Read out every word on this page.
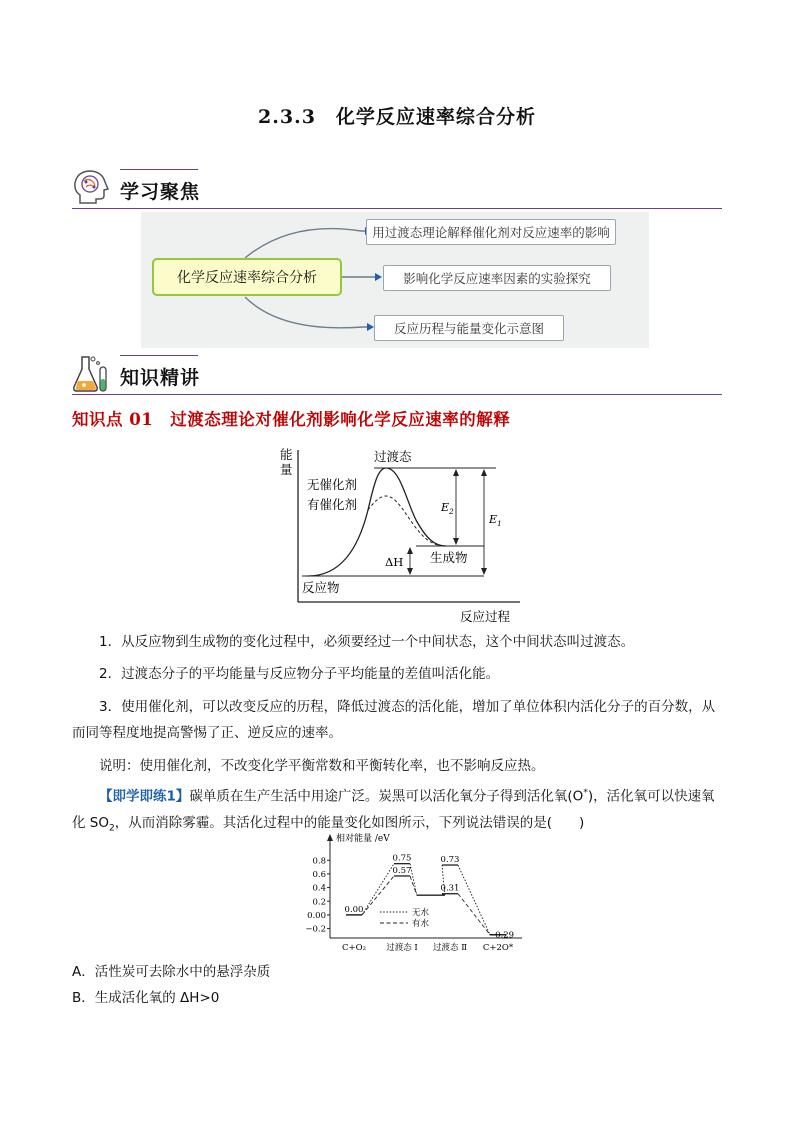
2.3.3　化学反应速率综合分析
学习聚焦
化学反应速率综合分析
用过渡态理论解释催化剂对反应速率的影响
影响化学反应速率因素的实验探究
反应历程与能量变化示意图
知识精讲
知识点 01　过渡态理论对催化剂影响化学反应速率的解释
能
量
反应过程
过渡态
无催化剂
有催化剂	$E_2$
$E_1$
ΔH 生成物
反应物
1．从反应物到生成物的变化过程中，必须要经过一个中间状态，这个中间状态叫过渡态。
2．过渡态分子的平均能量与反应物分子平均能量的差值叫活化能。
3．使用催化剂，可以改变反应的历程，降低过渡态的活化能，增加了单位体积内活化分子的百分数，从而同等程度地提高警惕了正、逆反应的速率。
说明：使用催化剂，不改变化学平衡常数和平衡转化率，也不影响反应热。
【即学即练1】碳单质在生产生活中用途广泛。炭黑可以活化氧分子得到活化氧(O*)，活化氧可以快速氧化 $SO_2$，从而消除雾霾。其活化过程中的能量变化如图所示，下列说法错误的是(　　)
相对能量 /eV
0.8
0.6
0.4
0.2
0.00
−0.2
C+O₂ 过渡态 Ⅰ 过渡态 Ⅱ C+2O*
0.00
0.75
0.57
0.73
0.31
−0.29
无水
有水
A．活性炭可去除水中的悬浮杂质
B．生成活化氧的 ΔH>0
